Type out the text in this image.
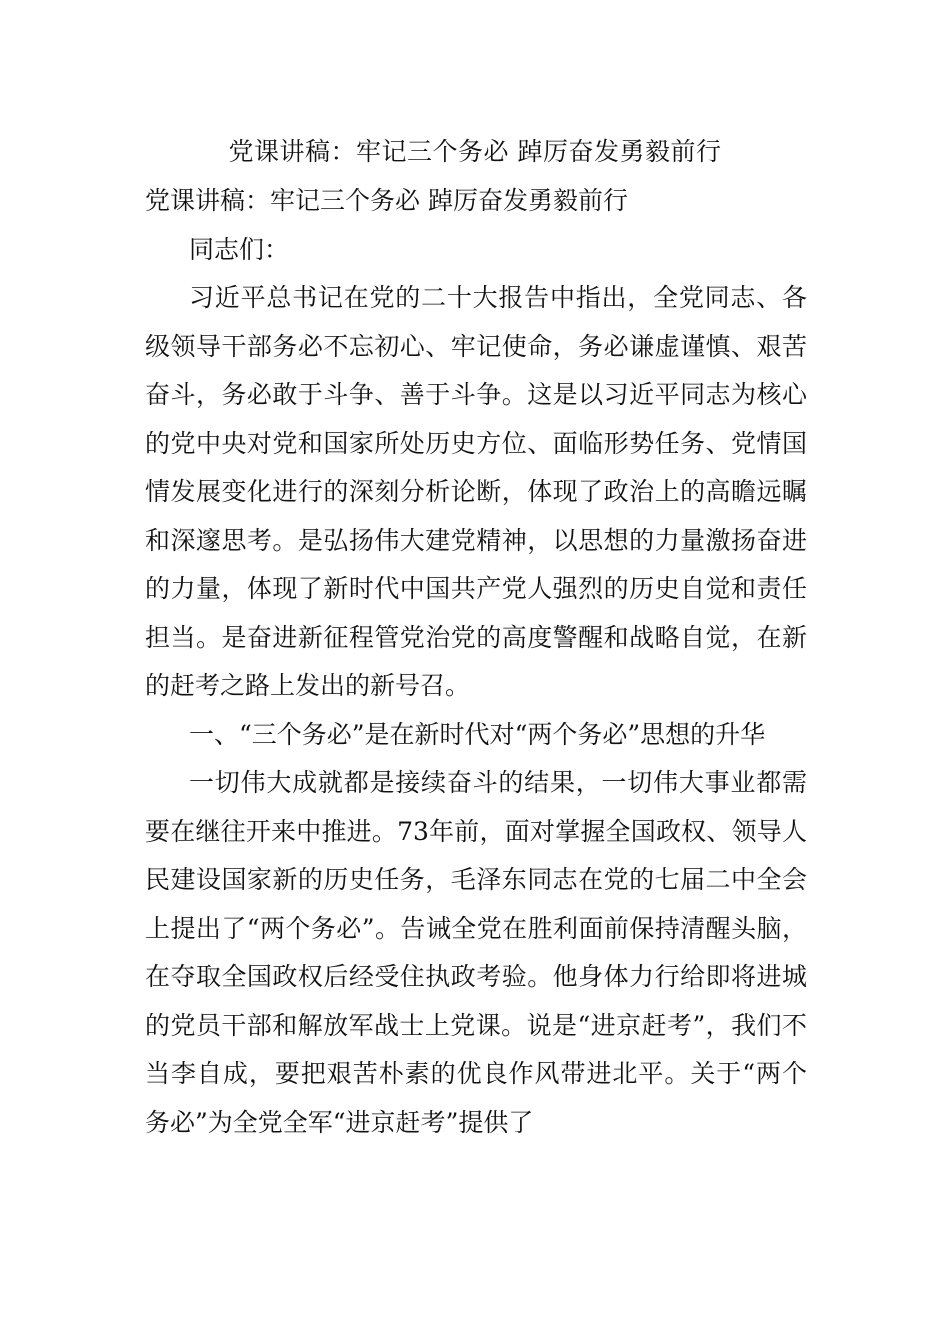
党课讲稿：牢记三个务必 踔厉奋发勇毅前行

党课讲稿：牢记三个务必 踔厉奋发勇毅前行

同志们：

习近平总书记在党的二十大报告中指出，全党同志、各级领导干部务必不忘初心、牢记使命，务必谦虚谨慎、艰苦奋斗，务必敢于斗争、善于斗争。这是以习近平同志为核心的党中央对党和国家所处历史方位、面临形势任务、党情国情发展变化进行的深刻分析论断，体现了政治上的高瞻远瞩和深邃思考。是弘扬伟大建党精神，以思想的力量激扬奋进的力量，体现了新时代中国共产党人强烈的历史自觉和责任担当。是奋进新征程管党治党的高度警醒和战略自觉，在新的赶考之路上发出的新号召。

一、“三个务必”是在新时代对“两个务必”思想的升华

一切伟大成就都是接续奋斗的结果，一切伟大事业都需要在继往开来中推进。73年前，面对掌握全国政权、领导人民建设国家新的历史任务，毛泽东同志在党的七届二中全会上提出了“两个务必”。告诫全党在胜利面前保持清醒头脑，在夺取全国政权后经受住执政考验。他身体力行给即将进城的党员干部和解放军战士上党课。说是“进京赶考”，我们不当李自成，要把艰苦朴素的优良作风带进北平。关于“两个务必”为全党全军“进京赶考”提供了
